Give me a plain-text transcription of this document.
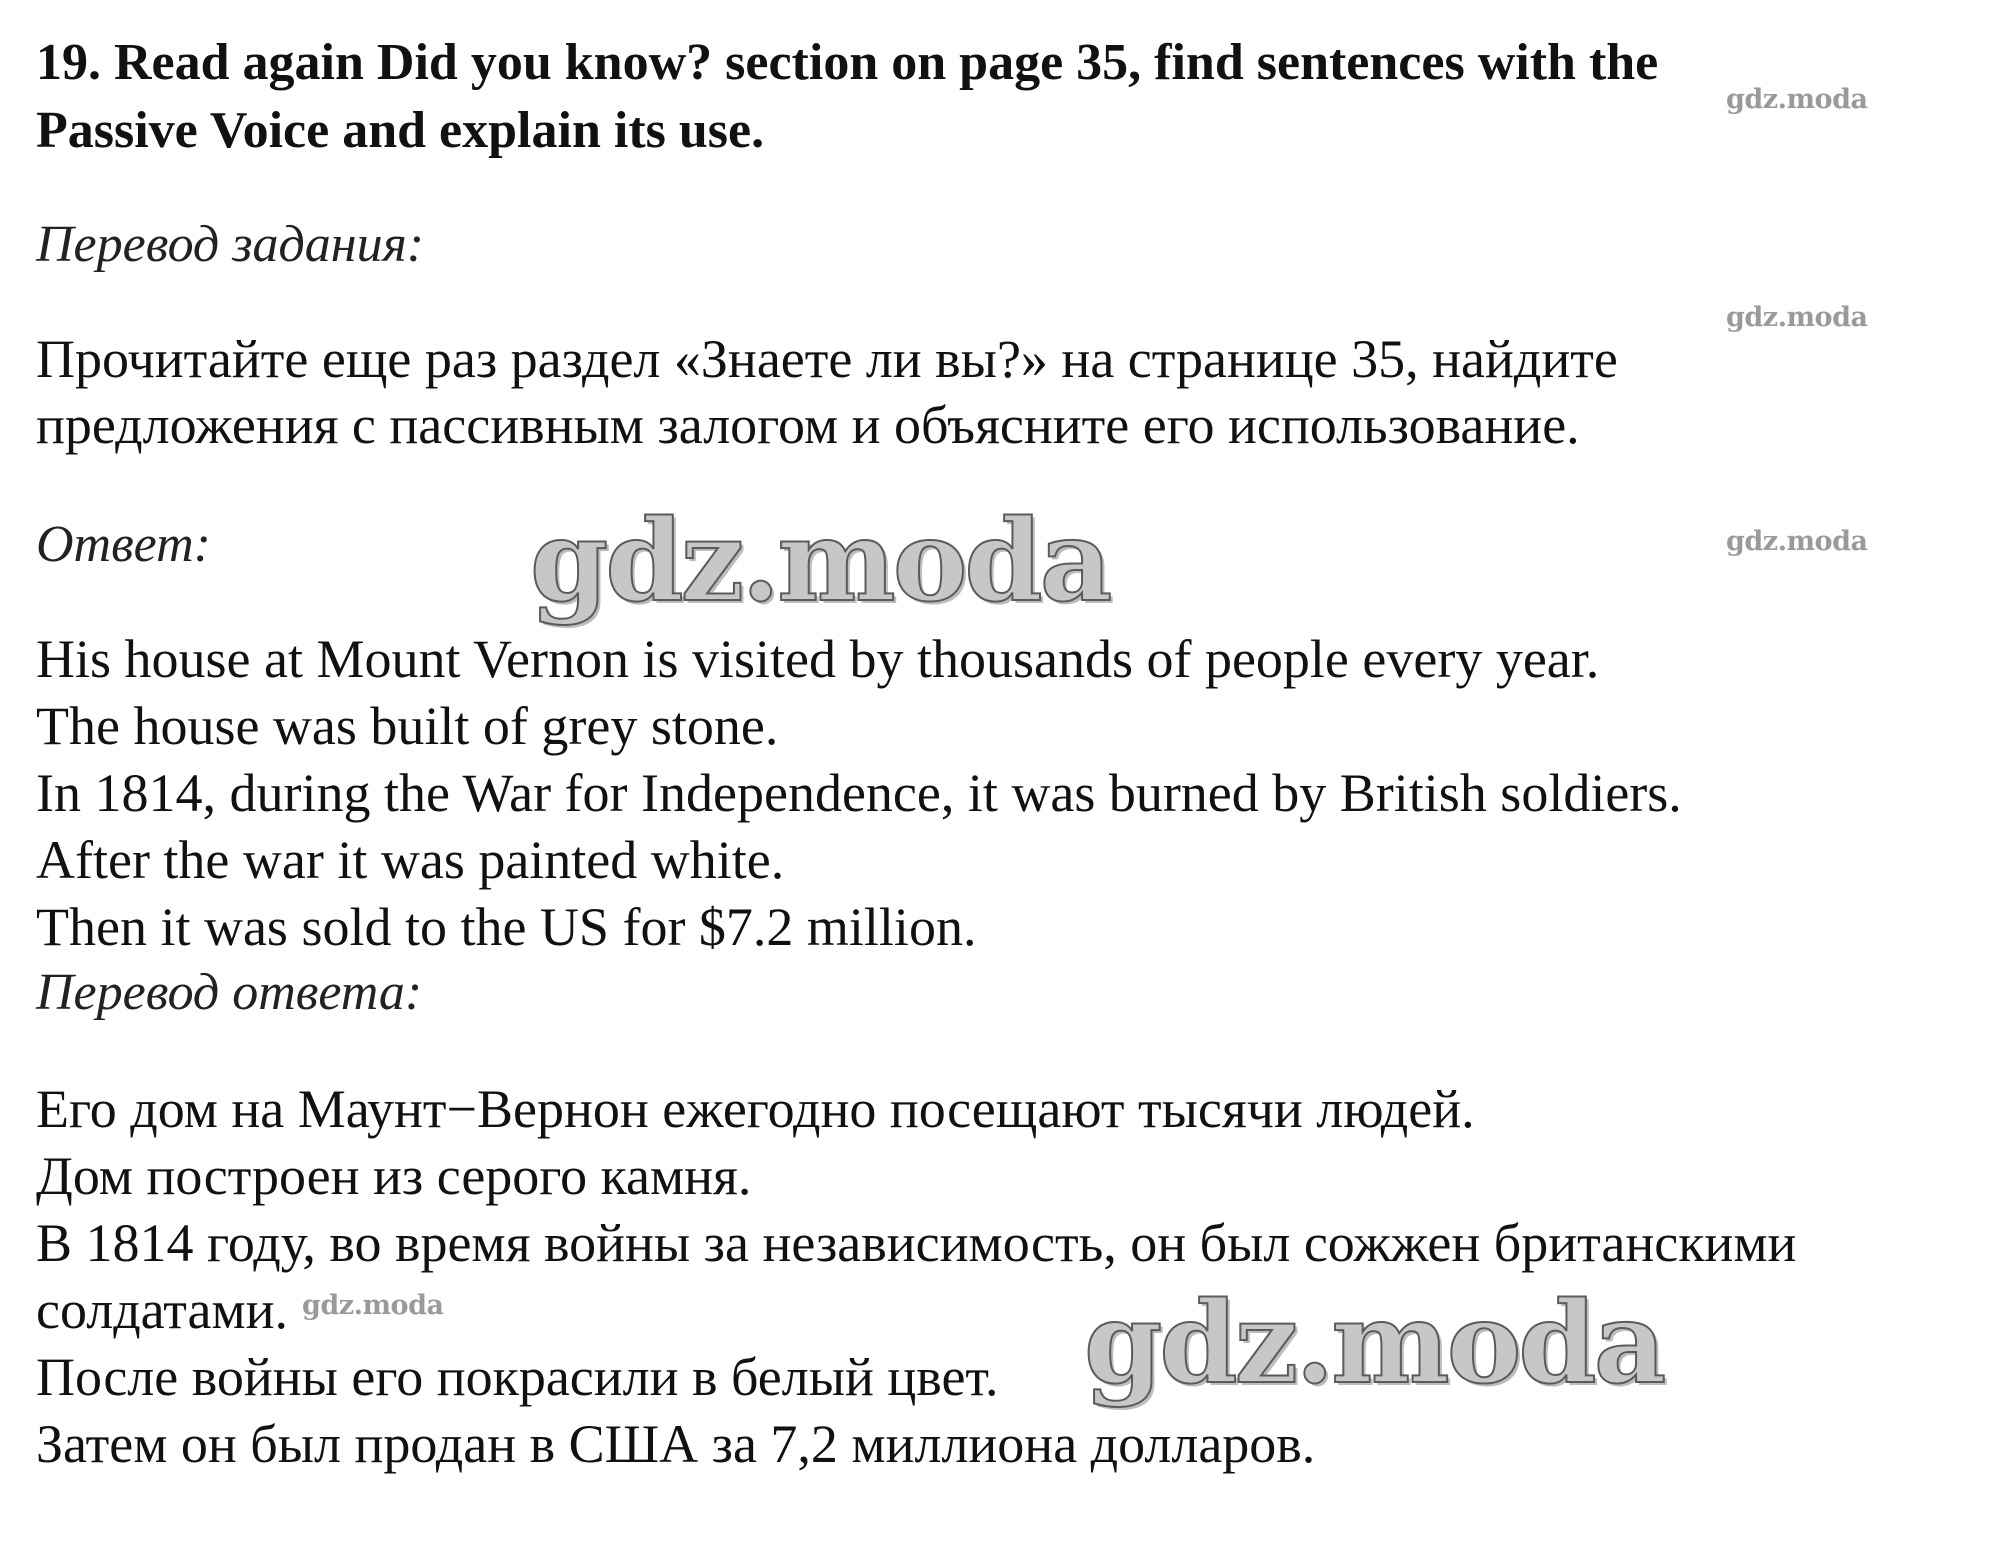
19. Read again Did you know? section on page 35, find sentences with the
Passive Voice and explain its use.
Перевод задания:
Прочитайте еще раз раздел «Знаете ли вы?» на странице 35, найдите
предложения с пассивным залогом и объясните его использование.
Ответ:
His house at Mount Vernon is visited by thousands of people every year.
The house was built of grey stone.
In 1814, during the War for Independence, it was burned by British soldiers.
After the war it was painted white.
Then it was sold to the US for $7.2 million.
Перевод ответа:
Его дом на Маунт−Вернон ежегодно посещают тысячи людей.
Дом построен из серого камня.
В 1814 году, во время войны за независимость, он был сожжен британскими
солдатами.
После войны его покрасили в белый цвет.
Затем он был продан в США за 7,2 миллиона долларов.
gdz.moda
gdz.moda
gdz.moda
gdz.moda
gdz.moda
gdz.moda
